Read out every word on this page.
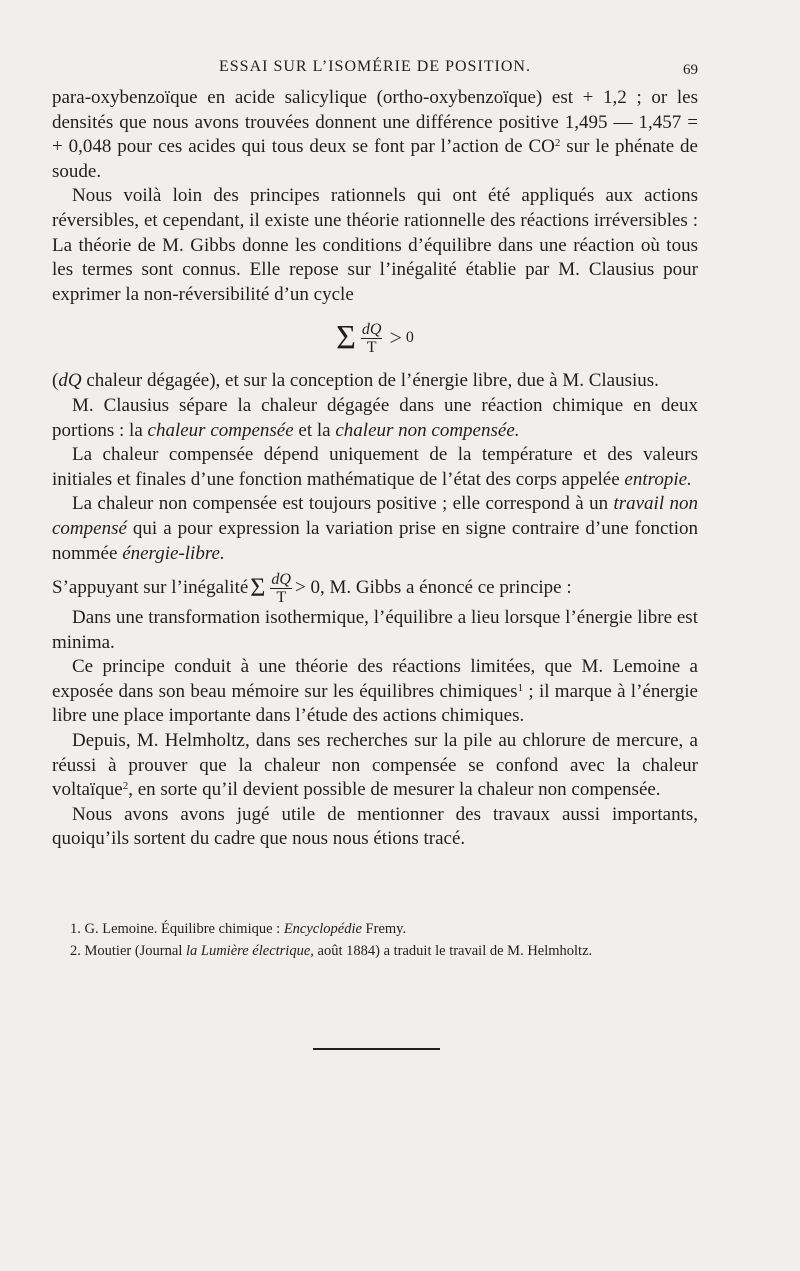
ESSAI SUR L’ISOMÉRIE DE POSITION.	69

para-oxybenzoïque en acide salicylique (ortho-oxybenzoïque) est + 1,2 ; or les densités que nous avons trouvées donnent une différence positive 1,495 — 1,457 = + 0,048 pour ces acides qui tous deux se font par l’action de $CO^2$ sur le phénate de soude.

Nous voilà loin des principes rationnels qui ont été appliqués aux actions réversibles, et cependant, il existe une théorie rationnelle des réactions irréversibles : La théorie de M. Gibbs donne les conditions d’équilibre dans une réaction où tous les termes sont connus. Elle repose sur l’inégalité établie par M. Clausius pour exprimer la non-réversibilité d’un cycle

Σ $\frac{dQ}{T} > 0$

(dQ chaleur dégagée), et sur la conception de l’énergie libre, due à M. Clausius.

M. Clausius sépare la chaleur dégagée dans une réaction chimique en deux portions : la chaleur compensée et la chaleur non compensée.

La chaleur compensée dépend uniquement de la température et des valeurs initiales et finales d’une fonction mathématique de l’état des corps appelée entropie.

La chaleur non compensée est toujours positive ; elle correspond à un travail non compensé qui a pour expression la variation prise en signe contraire d’une fonction nommée énergie-libre.

S’appuyant sur l’inégalité Σ $\frac{dQ}{T} > 0$, M. Gibbs a énoncé ce principe :

Dans une transformation isothermique, l’équilibre a lieu lorsque l’énergie libre est minima.

Ce principe conduit à une théorie des réactions limitées, que M. Lemoine a exposée dans son beau mémoire sur les équilibres chimiques$^1$ ; il marque à l’énergie libre une place importante dans l’étude des actions chimiques.

Depuis, M. Helmholtz, dans ses recherches sur la pile au chlorure de mercure, a réussi à prouver que la chaleur non compensée se confond avec la chaleur voltaïque$^2$, en sorte qu’il devient possible de mesurer la chaleur non compensée.

Nous avons avons jugé utile de mentionner des travaux aussi importants, quoiqu’ils sortent du cadre que nous nous étions tracé.

1. G. Lemoine. Équilibre chimique : Encyclopédie Fremy.

2. Moutier (Journal la Lumière électrique, août 1884) a traduit le travail de M. Helmholtz.
